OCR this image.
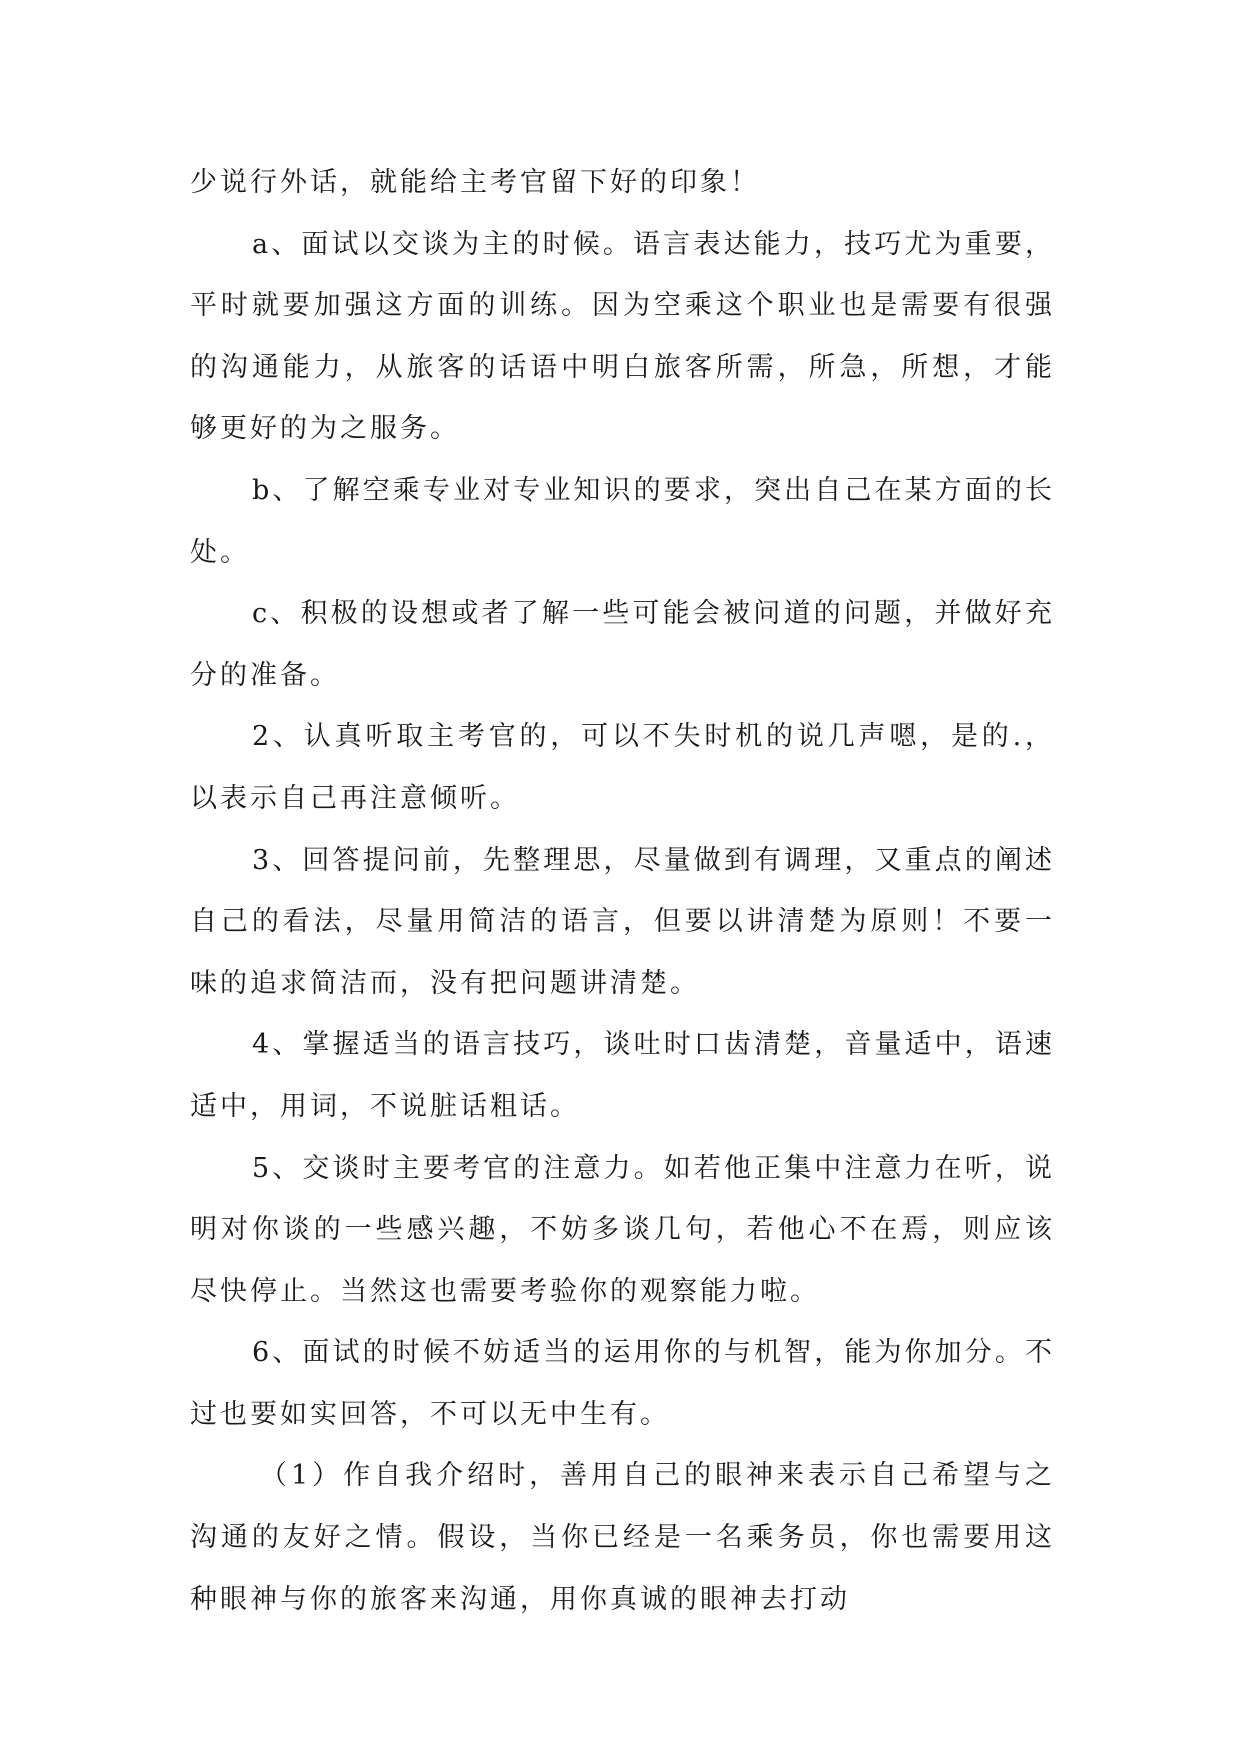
少说行外话，就能给主考官留下好的印象！

a、面试以交谈为主的时候。语言表达能力，技巧尤为重要，平时就要加强这方面的训练。因为空乘这个职业也是需要有很强的沟通能力，从旅客的话语中明白旅客所需，所急，所想，才能够更好的为之服务。

b、了解空乘专业对专业知识的要求，突出自己在某方面的长处。

c、积极的设想或者了解一些可能会被问道的问题，并做好充分的准备。

2、认真听取主考官的，可以不失时机的说几声嗯，是的.，以表示自己再注意倾听。

3、回答提问前，先整理思，尽量做到有调理，又重点的阐述自己的看法，尽量用简洁的语言，但要以讲清楚为原则！不要一味的追求简洁而，没有把问题讲清楚。

4、掌握适当的语言技巧，谈吐时口齿清楚，音量适中，语速适中，用词，不说脏话粗话。

5、交谈时主要考官的注意力。如若他正集中注意力在听，说明对你谈的一些感兴趣，不妨多谈几句，若他心不在焉，则应该尽快停止。当然这也需要考验你的观察能力啦。

6、面试的时候不妨适当的运用你的与机智，能为你加分。不过也要如实回答，不可以无中生有。

（1）作自我介绍时，善用自己的眼神来表示自己希望与之沟通的友好之情。假设，当你已经是一名乘务员，你也需要用这种眼神与你的旅客来沟通，用你真诚的眼神去打动
